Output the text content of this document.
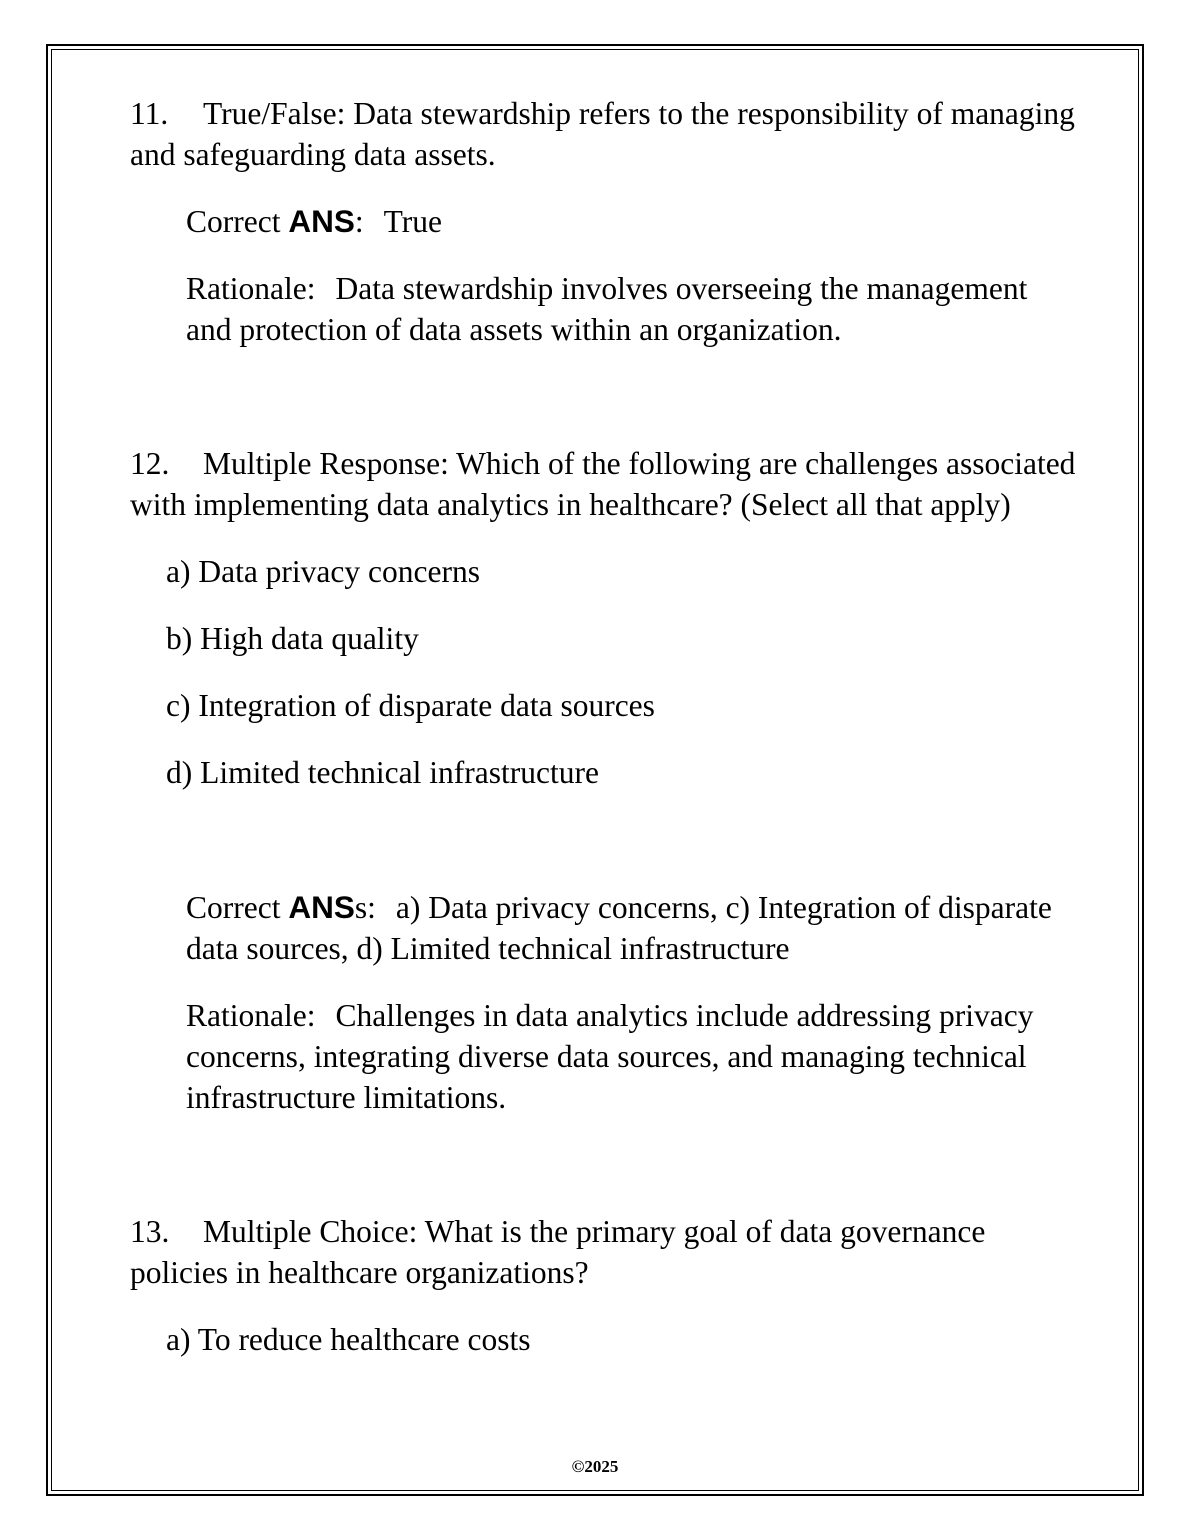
11. True/False: Data stewardship refers to the responsibility of managing and safeguarding data assets.

Correct ANS: True

Rationale: Data stewardship involves overseeing the management and protection of data assets within an organization.

12. Multiple Response: Which of the following are challenges associated with implementing data analytics in healthcare? (Select all that apply)

a) Data privacy concerns

b) High data quality

c) Integration of disparate data sources

d) Limited technical infrastructure

Correct ANSs: a) Data privacy concerns, c) Integration of disparate data sources, d) Limited technical infrastructure

Rationale: Challenges in data analytics include addressing privacy concerns, integrating diverse data sources, and managing technical infrastructure limitations.

13. Multiple Choice: What is the primary goal of data governance policies in healthcare organizations?

a) To reduce healthcare costs

©2025
